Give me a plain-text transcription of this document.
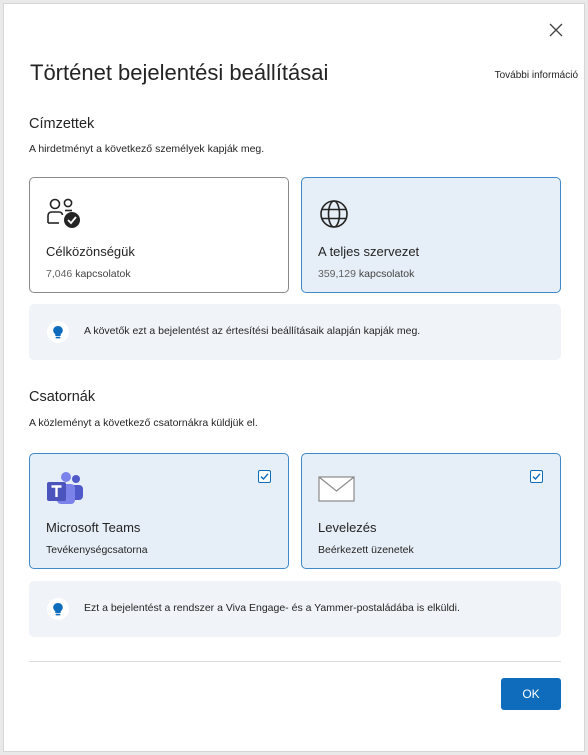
Történet bejelentési beállításai	További információ
Címzettek
A hirdetményt a következő személyek kapják meg.
Célközönségük
7,046 kapcsolatok
A teljes szervezet
359,129 kapcsolatok
A követők ezt a bejelentést az értesítési beállításaik alapján kapják meg.
Csatornák
A közleményt a következő csatornákra küldjük el.
Microsoft Teams
Tevékenységcsatorna
Levelezés
Beérkezett üzenetek
Ezt a bejelentést a rendszer a Viva Engage- és a Yammer-postaládába is elküldi.
OK
